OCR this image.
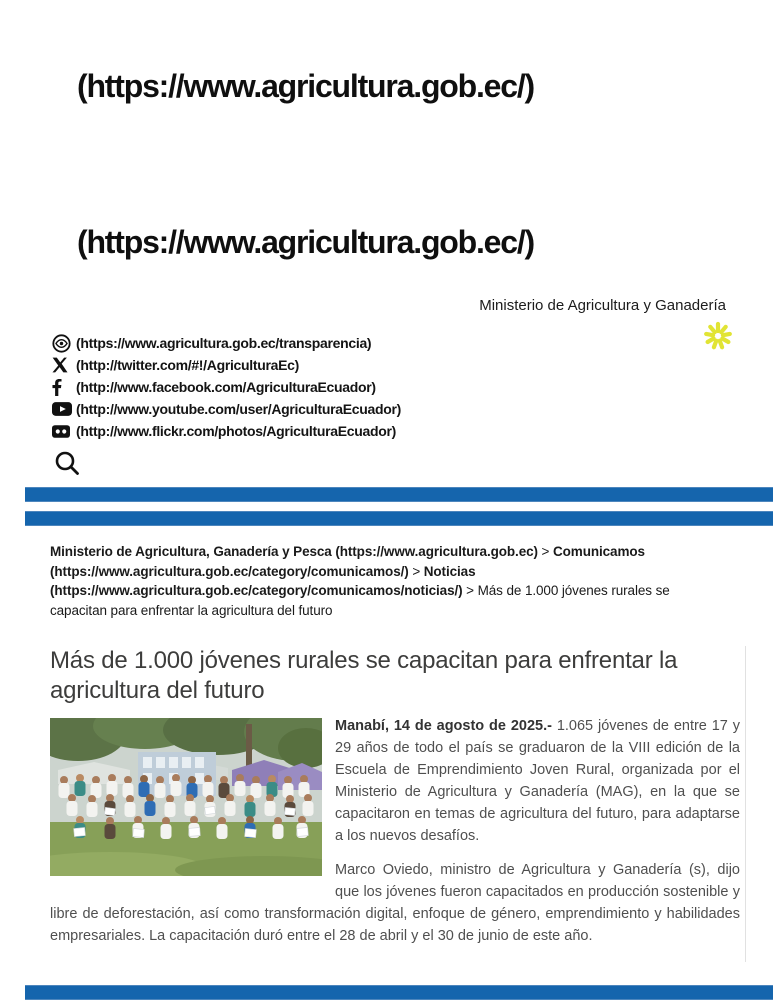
(https://www.agricultura.gob.ec/)
(https://www.agricultura.gob.ec/)
Ministerio de Agricultura y Ganadería
(https://www.agricultura.gob.ec/transparencia)
(http://twitter.com/#!/AgriculturaEc)
(http://www.facebook.com/AgriculturaEcuador)
(http://www.youtube.com/user/AgriculturaEcuador)
(http://www.flickr.com/photos/AgriculturaEcuador)
Ministerio de Agricultura, Ganadería y Pesca (https://www.agricultura.gob.ec) > Comunicamos (https://www.agricultura.gob.ec/category/comunicamos/) > Noticias (https://www.agricultura.gob.ec/category/comunicamos/noticias/) > Más de 1.000 jóvenes rurales se capacitan para enfrentar la agricultura del futuro
Más de 1.000 jóvenes rurales se capacitan para enfrentar la agricultura del futuro

Manabí, 14 de agosto de 2025.- 1.065 jóvenes de entre 17 y 29 años de todo el país se graduaron de la VIII edición de la Escuela de Emprendimiento Joven Rural, organizada por el Ministerio de Agricultura y Ganadería (MAG), en la que se capacitaron en temas de agricultura del futuro, para adaptarse a los nuevos desafíos.

Marco Oviedo, ministro de Agricultura y Ganadería (s), dijo que los jóvenes fueron capacitados en producción sostenible y libre de deforestación, así como transformación digital, enfoque de género, emprendimiento y habilidades empresariales. La capacitación duró entre el 28 de abril y el 30 de junio de este año.
